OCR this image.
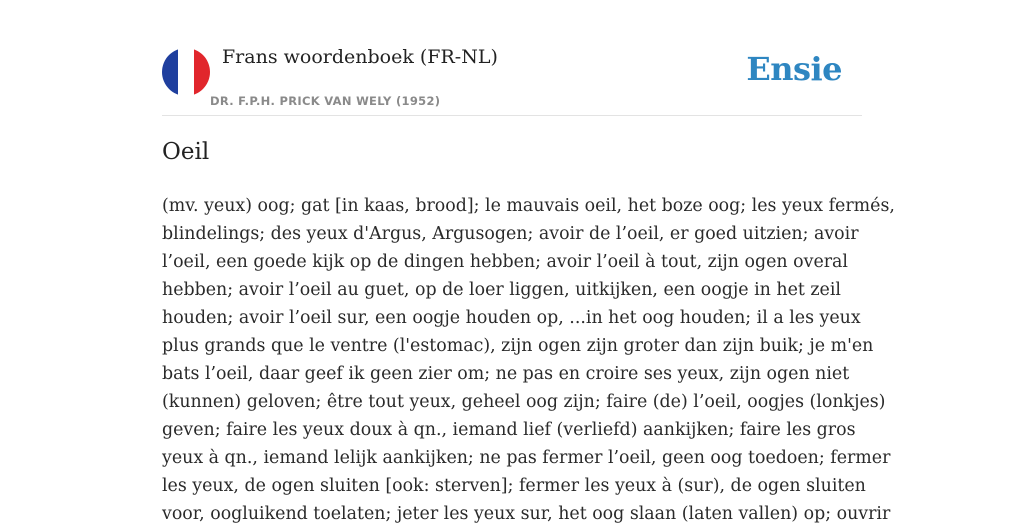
Frans woordenboek (FR-NL)
DR. F.P.H. PRICK VAN WELY (1952)
Ensie
Oeil

(mv. yeux) oog; gat [in kaas, brood]; le mauvais oeil, het boze oog; les yeux fermés,
blindelings; des yeux d'Argus, Argusogen; avoir de l’oeil, er goed uitzien; avoir
l’oeil, een goede kijk op de dingen hebben; avoir l’oeil à tout, zijn ogen overal
hebben; avoir l’oeil au guet, op de loer liggen, uitkijken, een oogje in het zeil
houden; avoir l’oeil sur, een oogje houden op, ...in het oog houden; il a les yeux
plus grands que le ventre (l'estomac), zijn ogen zijn groter dan zijn buik; je m'en
bats l’oeil, daar geef ik geen zier om; ne pas en croire ses yeux, zijn ogen niet
(kunnen) geloven; être tout yeux, geheel oog zijn; faire (de) l’oeil, oogjes (lonkjes)
geven; faire les yeux doux à qn., iemand lief (verliefd) aankijken; faire les gros
yeux à qn., iemand lelijk aankijken; ne pas fermer l’oeil, geen oog toedoen; fermer
les yeux, de ogen sluiten [ook: sterven]; fermer les yeux à (sur), de ogen sluiten
voor, oogluikend toelaten; jeter les yeux sur, het oog slaan (laten vallen) op; ouvrir
